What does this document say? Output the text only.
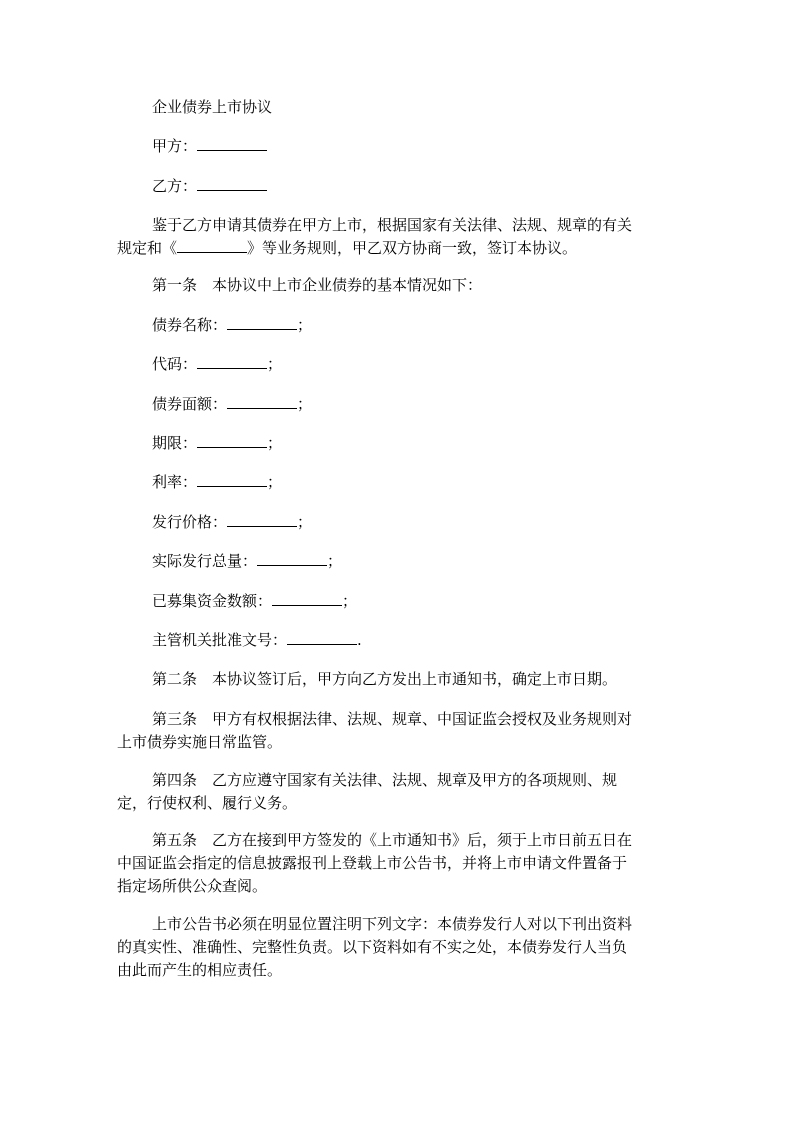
企业债券上市协议
甲方：
乙方：
鉴于乙方申请其债券在甲方上市，根据国家有关法律、法规、规章的有关
规定和《	》等业务规则，甲乙双方协商一致，签订本协议。
第一条　本协议中上市企业债券的基本情况如下：
债券名称：	；
代码：	；
债券面额：	；
期限：	；
利率：	；
发行价格：	；
实际发行总量：	；
已募集资金数额：	；
主管机关批准文号：	.
第二条　本协议签订后，甲方向乙方发出上市通知书，确定上市日期。
第三条　甲方有权根据法律、法规、规章、中国证监会授权及业务规则对
上市债券实施日常监管。
第四条　乙方应遵守国家有关法律、法规、规章及甲方的各项规则、规
定，行使权利、履行义务。
第五条　乙方在接到甲方签发的《上市通知书》后，须于上市日前五日在
中国证监会指定的信息披露报刊上登载上市公告书，并将上市申请文件置备于
指定场所供公众查阅。
上市公告书必须在明显位置注明下列文字：本债券发行人对以下刊出资料
的真实性、准确性、完整性负责。以下资料如有不实之处，本债券发行人当负
由此而产生的相应责任。
